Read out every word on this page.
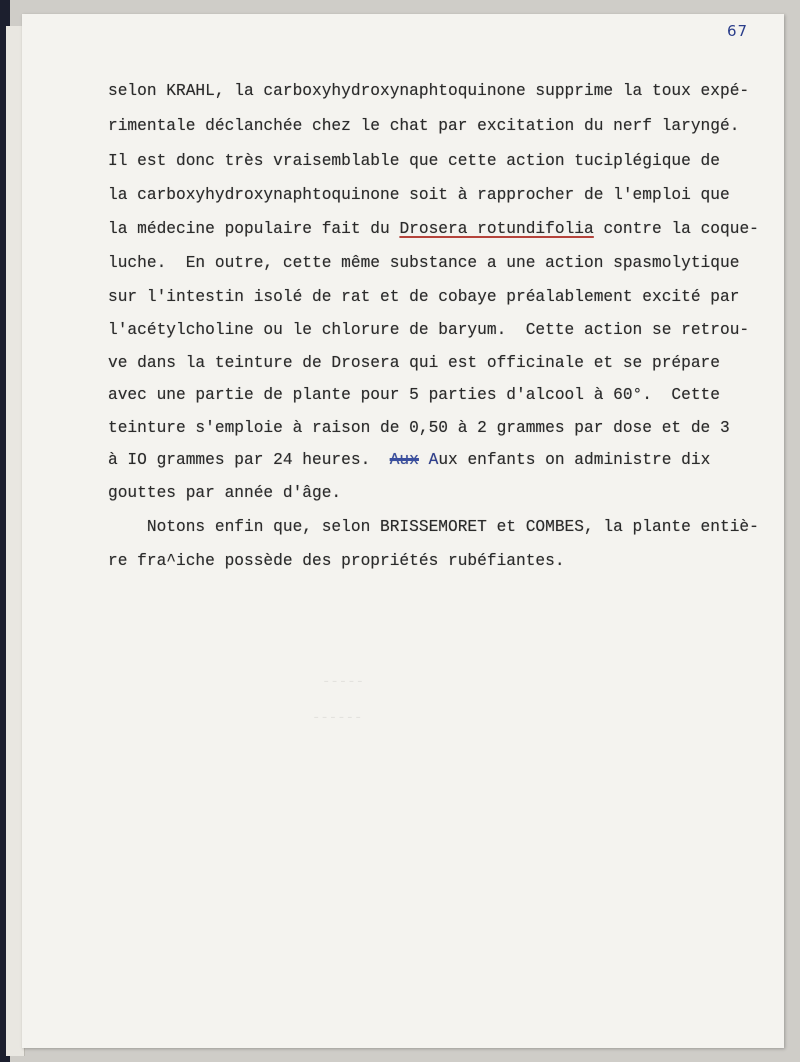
67
-----
------
selon KRAHL, la carboxyhydroxynaphtoquinone supprime la toux expé-
rimentale déclanchée chez le chat par excitation du nerf laryngé.
Il est donc très vraisemblable que cette action tuciplégique de
la carboxyhydroxynaphtoquinone soit à rapprocher de l'emploi que
la médecine populaire fait du Drosera rotundifolia contre la coque-
luche.  En outre, cette même substance a une action spasmolytique
sur l'intestin isolé de rat et de cobaye préalablement excité par
l'acétylcholine ou le chlorure de baryum.  Cette action se retrou-
ve dans la teinture de Drosera qui est officinale et se prépare
avec une partie de plante pour 5 parties d'alcool à 60°.  Cette
teinture s'emploie à raison de 0,50 à 2 grammes par dose et de 3
à IO grammes par 24 heures.  Aux Aux enfants on administre dix
gouttes par année d'âge.
Notons enfin que, selon BRISSEMORET et COMBES, la plante entiè-
re fra^iche possède des propriétés rubéfiantes.
